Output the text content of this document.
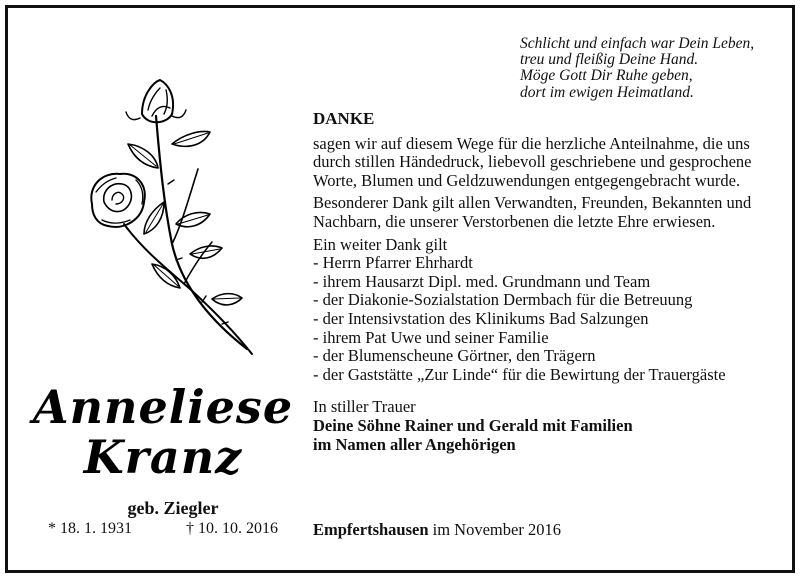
Schlicht und einfach war Dein Leben,
treu und fleißig Deine Hand.
Möge Gott Dir Ruhe geben,
dort im ewigen Heimatland.
Anneliese
Kranz
geb. Ziegler
* 18. 1. 1931	† 10. 10. 2016
DANKE

sagen wir auf diesem Wege für die herzliche Anteilnahme, die uns durch stillen Händedruck, liebevoll geschriebene und gesprochene Worte, Blumen und Geldzuwendungen entgegengebracht wurde.

Besonderer Dank gilt allen Verwandten, Freunden, Bekannten und Nachbarn, die unserer Verstorbenen die letzte Ehre erwiesen.

Ein weiter Dank gilt
- Herrn Pfarrer Ehrhardt
- ihrem Hausarzt Dipl. med. Grundmann und Team
- der Diakonie-Sozialstation Dermbach für die Betreuung
- der Intensivstation des Klinikums Bad Salzungen
- ihrem Pat Uwe und seiner Familie
- der Blumenscheune Görtner, den Trägern
- der Gaststätte „Zur Linde“ für die Bewirtung der Trauergäste
In stiller Trauer
Deine Söhne Rainer und Gerald mit Familien
im Namen aller Angehörigen
Empfertshausen im November 2016
